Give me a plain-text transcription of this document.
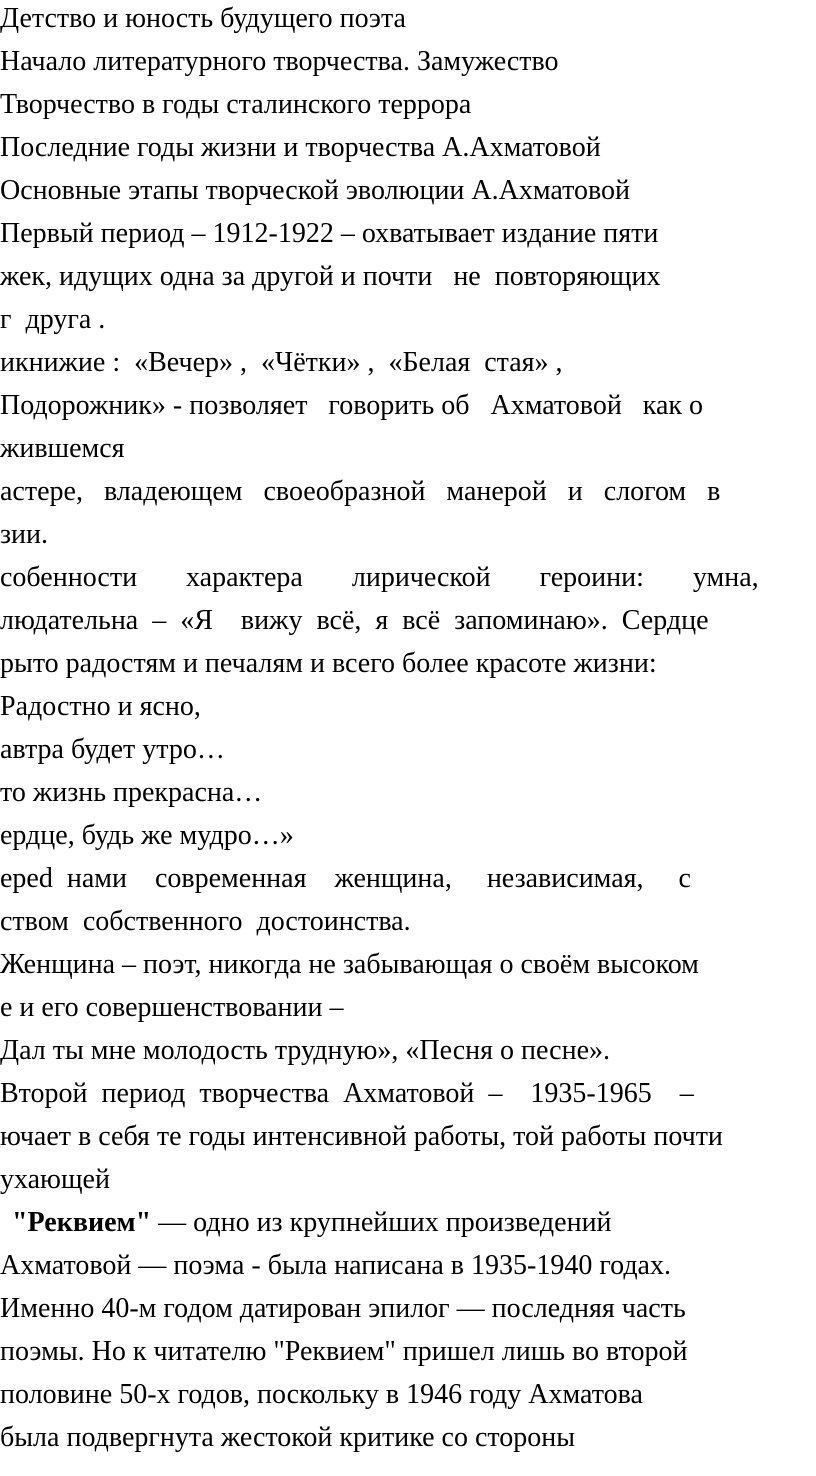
Детство и юность будущего поэта
Начало литературного творчества. Замужество
Творчество в годы сталинского террора
Последние годы жизни и творчества А.Ахматовой
Основные этапы творческой эволюции А.Ахматовой
Первый период – 1912-1922 – охватывает издание пяти
жек, идущих одна за другой и почти   не  повторяющих
г  друга .
икнижие :  «Вечер» ,  «Чётки» ,  «Белая  стая» ,
Подорожник» - позволяет   говорить об   Ахматовой   как о
жившемся
астере,   владеющем   своеобразной   манерой   и   слогом   в
зии.
собенности       характера       лирической       героини:       умна,
людательна  –  «Я    вижу  всё,  я  всё  запоминаю».  Сердце
рыто радостям и печалям и всего более красоте жизни:
Радостно и ясно,
автра будет утро…
то жизнь прекрасна…
ердце, будь же мудро…»
ерed  нами    современная    женщина,     независимая,     с
ством  собственного  достоинства.
Женщина – поэт, никогда не забывающая о своём высоком
е и его совершенствовании –
Дал ты мне молодость трудную», «Песня о песне».
Второй  период  творчества  Ахматовой  –    1935-1965    –
ючает в себя те годы интенсивной работы, той работы почти
ухающей
"Реквием" — одно из крупнейших произведений
Ахматовой — поэма - была написана в 1935-1940 годах.
Именно 40-м годом датирован эпилог — последняя часть
поэмы. Но к читателю "Реквием" пришел лишь во второй
половине 50-х годов, поскольку в 1946 году Ахматова
была подвергнута жестокой критике со стороны
